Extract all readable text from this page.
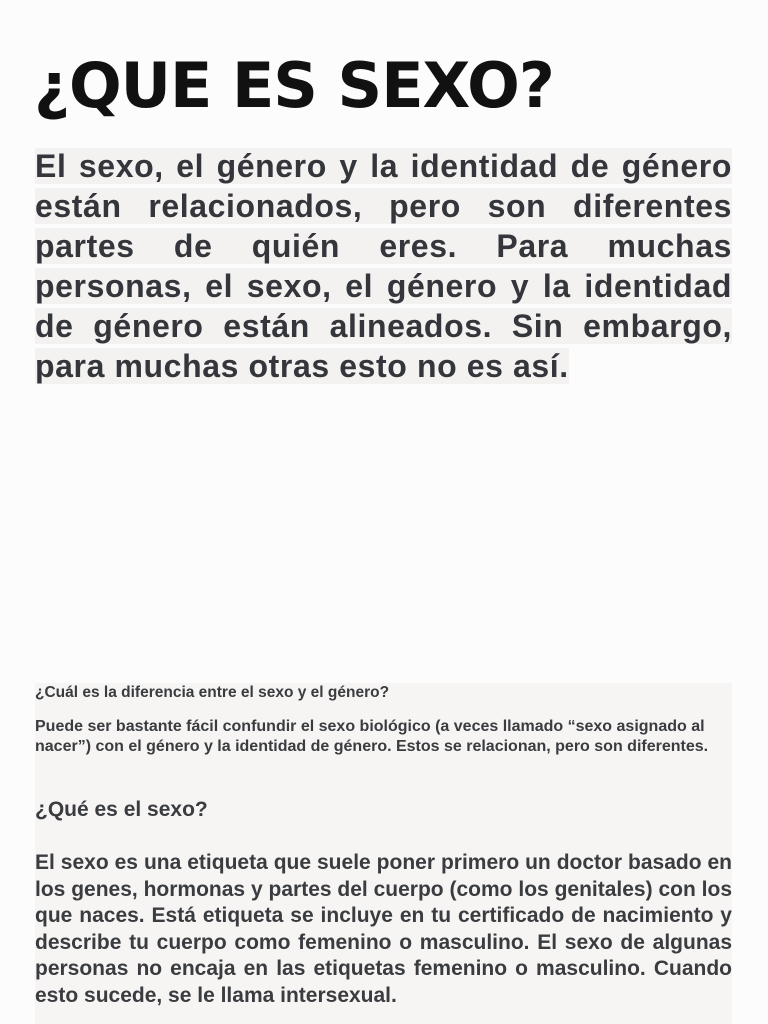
¿QUE ES SEXO?

El sexo, el género y la identidad de género están relacionados, pero son diferentes partes de quién eres. Para muchas personas, el sexo, el género y la identidad de género están alineados. Sin embargo, para muchas otras esto no es así.

¿Cuál es la diferencia entre el sexo y el género?

Puede ser bastante fácil confundir el sexo biológico (a veces llamado “sexo asignado al nacer”) con el género y la identidad de género. Estos se relacionan, pero son diferentes.

¿Qué es el sexo?

El sexo es una etiqueta que suele poner primero un doctor basado en los genes, hormonas y partes del cuerpo (como los genitales) con los que naces. Está etiqueta se incluye en tu certificado de nacimiento y describe tu cuerpo como femenino o masculino. El sexo de algunas personas no encaja en las etiquetas femenino o masculino. Cuando esto sucede, se le llama intersexual.
